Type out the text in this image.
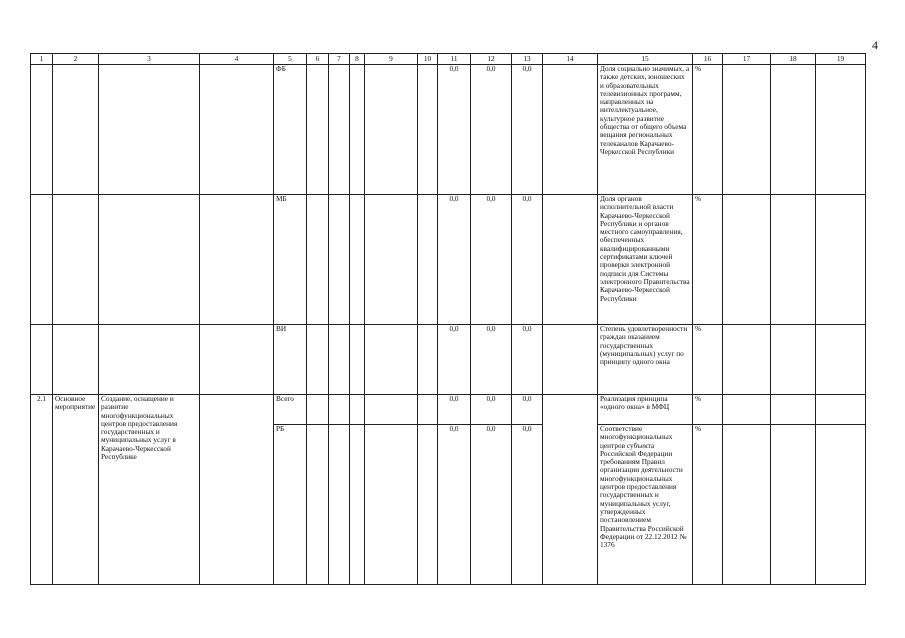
4
1	2	3	4	5	6	7	8	9	10	11	12	13	14	15	16	17	18	19
				ФБ						0,0	0,0	0,0		Доля социально значимых, а также детских, юношеских и образовательных телевизионных программ, направленных на интеллектуальное, культурное развитие общества от общего объема вещания региональных телеканалов Карачаево-Черкесской Республики	%			
				МБ						0,0	0,0	0,0		Доля органов исполнительной власти Карачаево-Черкесской Республики и органов местного самоуправления, обеспеченных квалифицированными сертификатами ключей проверки электронной подписи для Системы электронного Правительства Карачаево-Черкесской Республики	%			
				ВИ						0,0	0,0	0,0		Степень удовлетворенности граждан оказанием государственных (муниципальных) услуг по принципу одного окна	%			
2.1	Основное мероприятие	Создание, оснащение и развитие многофункциональных центров предоставления государственных и муниципальных услуг в Карачаево-Черкесской Республике		Всего						0,0	0,0	0,0		Реализация принципа «одного окна» в МФЦ	%			
				РБ						0,0	0,0	0,0		Соответствие многофункциональных центров субъекта Российской Федерации требованиям Правил организации деятельности многофункциональных центров предоставления государственных и муниципальных услуг, утвержденных постановлением Правительства Российской Федерации от 22.12.2012 № 1376	%			
